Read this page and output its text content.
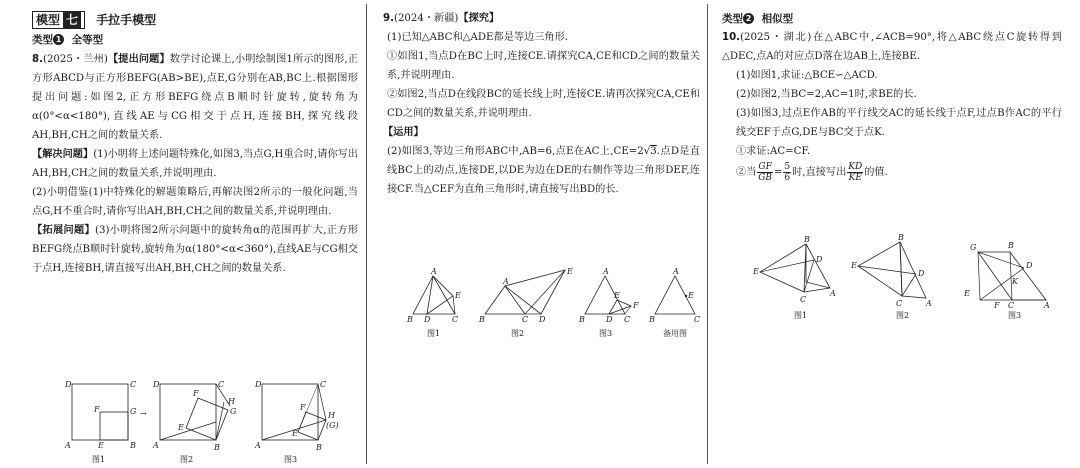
模型 七 手拉手模型
类型 1 全等型

8.(2025・兰州)【提出问题】数学讨论课上,小明绘制图1所示的图形,正方形ABCD与正方形BEFG(AB>BE),点E,G分别在AB,BC上.根据图形提出问题:如图2,正方形BEFG绕点B顺时针旋转,旋转角为α(0°<α<180°),直线AE与CG相交于点H,连接BH,探究线段AH,BH,CH之间的数量关系.

【解决问题】(1)小明将上述问题特殊化,如图3,当点G,H重合时,请你写出AH,BH,CH之间的数量关系,并说明理由.

(2)小明借鉴(1)中特殊化的解题策略后,再解决图2所示的一般化问题,当点G,H不重合时,请你写出AH,BH,CH之间的数量关系,并说明理由.

【拓展问题】(3)小明将图2所示问题中的旋转角α的范围再扩大,正方形BEFG绕点B顺时针旋转,旋转角为α(180°<α<360°),直线AE与CG相交于点H,连接BH,请直接写出AH,BH,CH之间的数量关系.

D	C
A	B
E
F	G
图1
→
D	C
A	B
E
F
H
G
图2
D	C
A	B
E
F
H
(G)
图3

9.(2024・新疆)【探究】

(1)已知△ABC和△ADE都是等边三角形.

①如图1,当点D在BC上时,连接CE.请探究CA,CE和CD之间的数量关系,并说明理由.

②如图2,当点D在线段BC的延长线上时,连接CE.请再次探究CA,CE和CD之间的数量关系,并说明理由.

【运用】

(2)如图3,等边三角形ABC中,AB=6,点E在AC上,CE=2√3.点D是直线BC上的动点,连接DE,以DE为边在DE的右侧作等边三角形DEF,连接CF.当△CEF为直角三角形时,请直接写出BD的长.

A
B D	C
E
图1
A
B	C D
E
图2
A
B	D C
E
F
图3
A
B	C
E
备用图
类型 2 相似型

10.(2025・湖北)在△ABC中,∠ACB=90°,将△ABC绕点C旋转得到△DEC,点A的对应点D落在边AB上,连接BE.

(1)如图1,求证:△BCE∽△ACD.

(2)如图2,当BC=2,AC=1时,求BE的长.

(3)如图3,过点E作AB的平行线交AC的延长线于点F,过点B作AC的平行线交EF于点G,DE与BC交于点K.

①求证:AC=CF.

②当 $\frac{GF}{GB} = \frac{5}{6}$ 时,直接写出 $\frac{KD}{KE}$ 的值.

B
D
E
C
A
图1
B
D
E
C	A
图2
G	B
D
K
E
F C	A
图3
